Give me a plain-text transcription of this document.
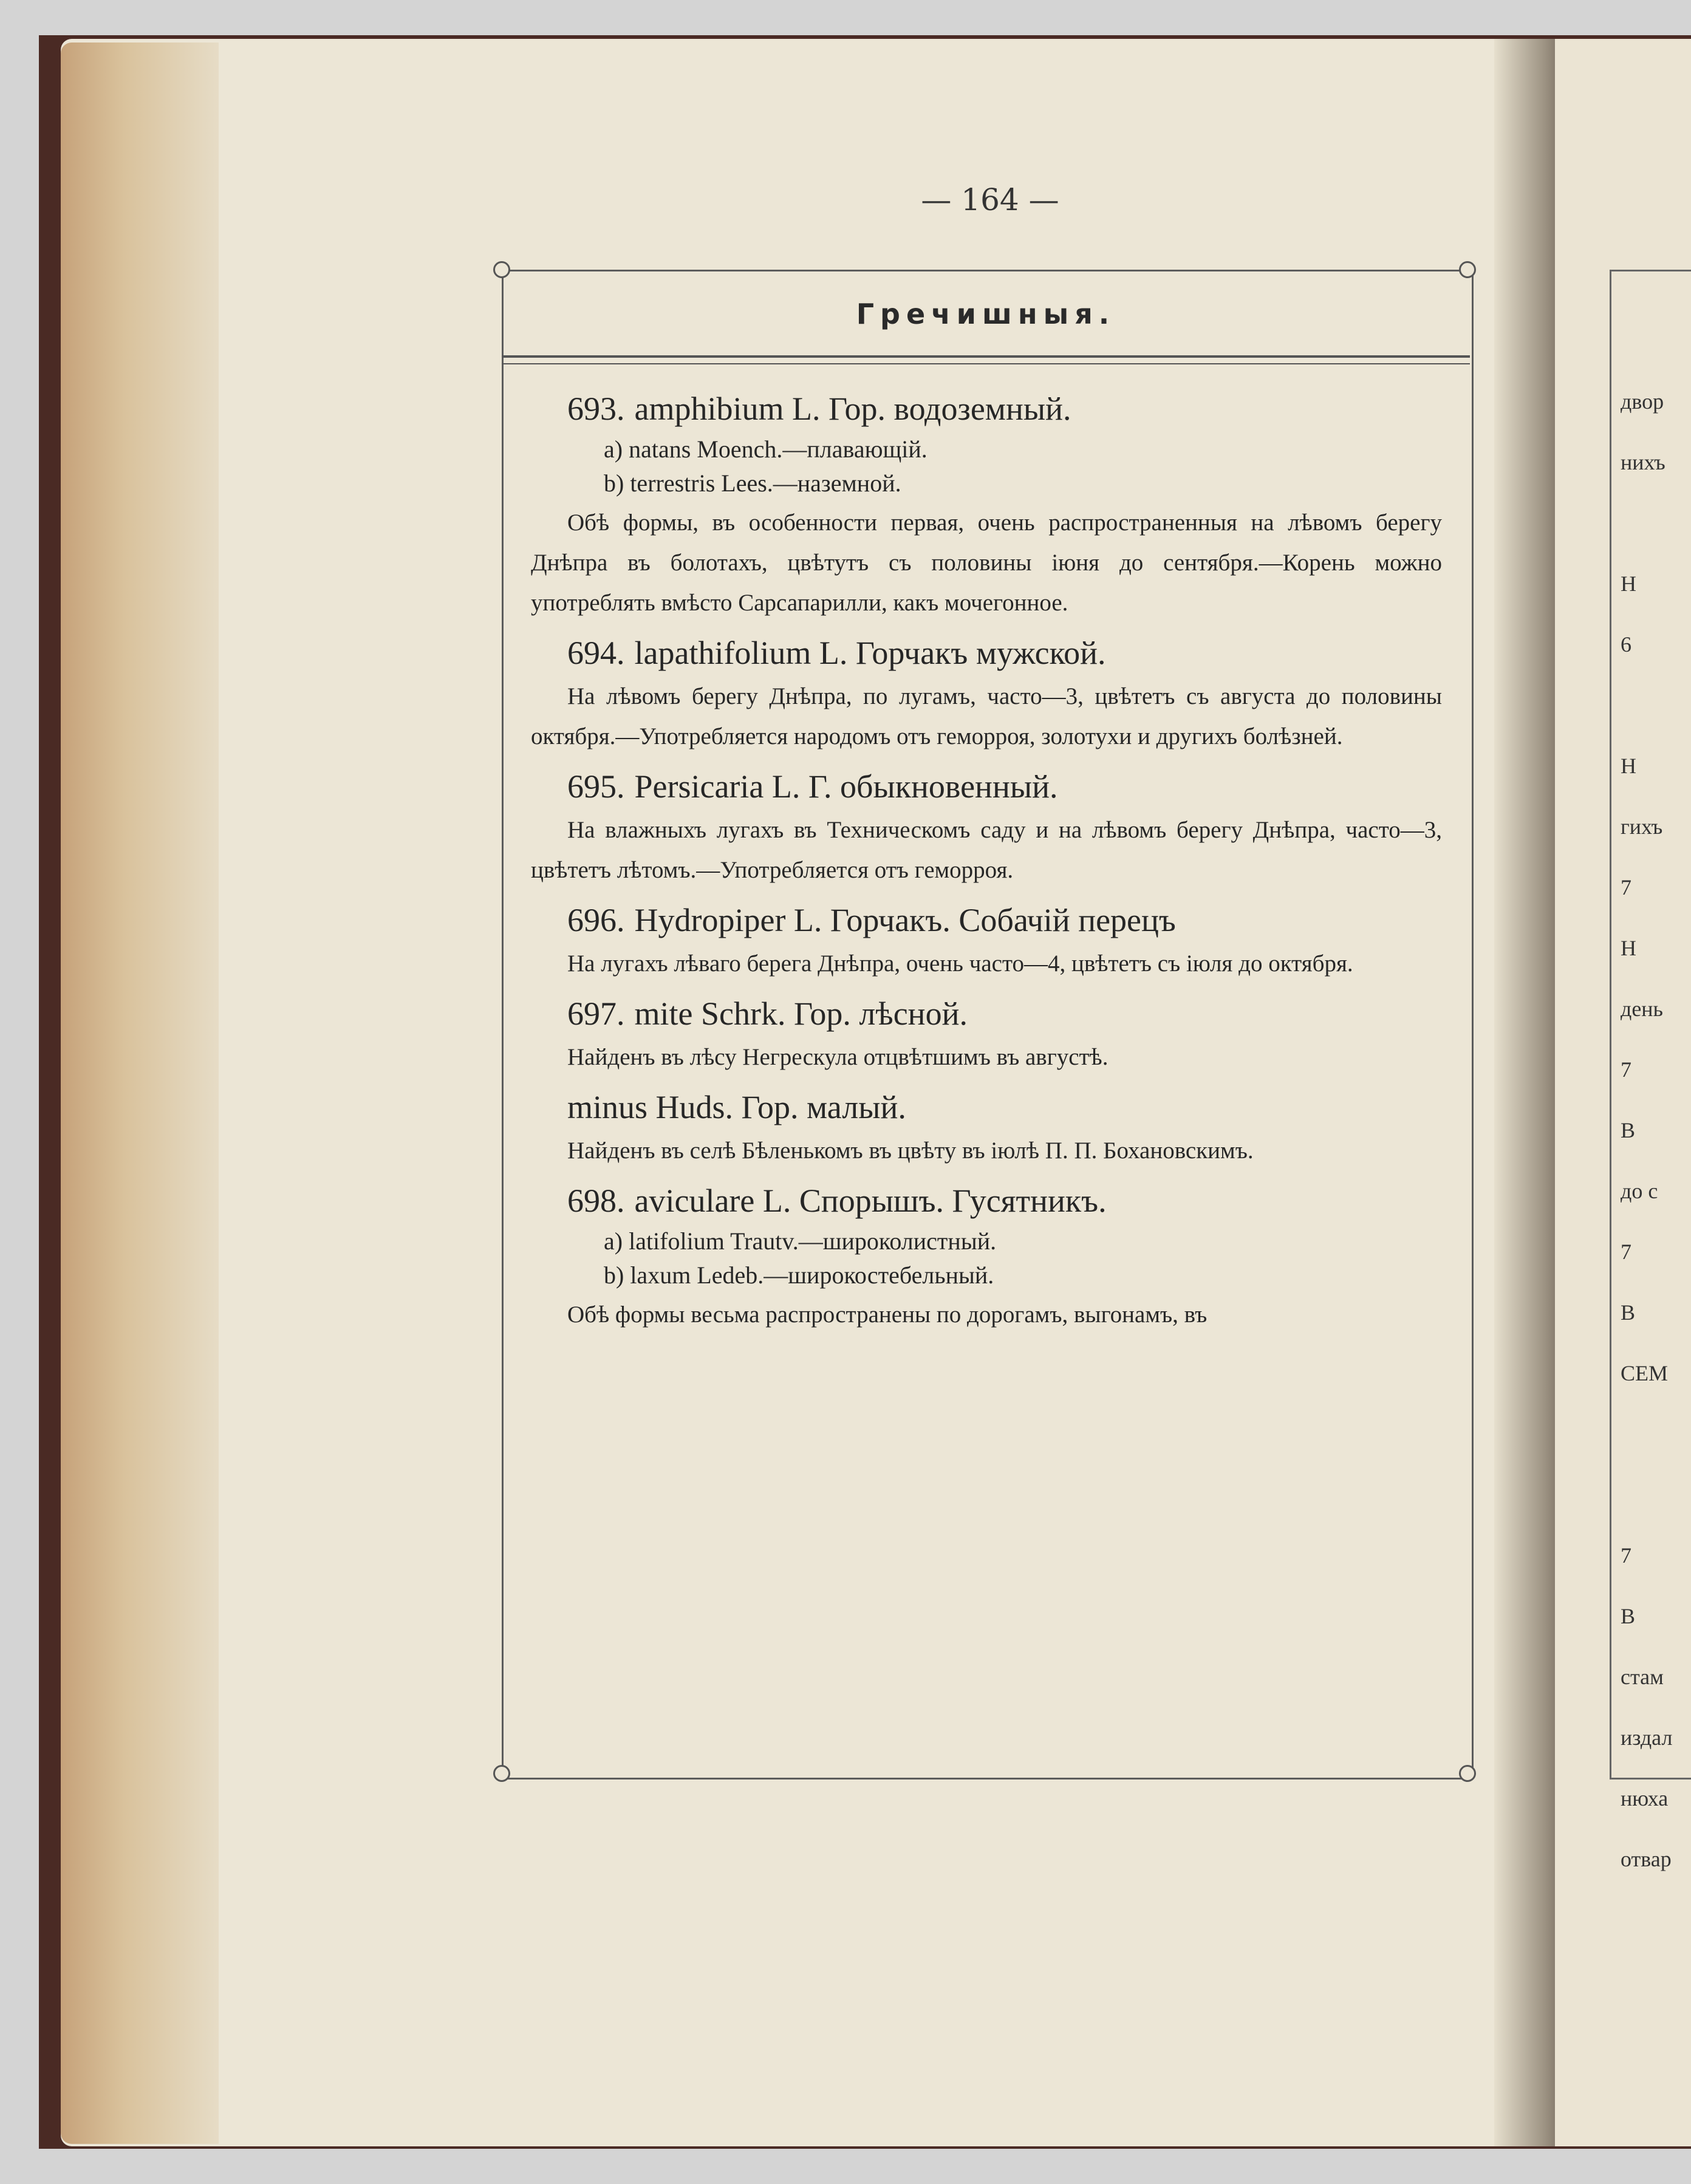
— 164 —
Гречишныя.
693. amphibium L. Гор. водоземный.
a) natans Moench.—плавающій.
b) terrestris Lees.—наземной.
Обѣ формы, въ особенности первая, очень распространенныя на лѣвомъ берегу Днѣпра въ болотахъ, цвѣтутъ съ половины іюня до сентября.—Корень можно употреблять вмѣсто Сарсапарилли, какъ мочегонное.
694. lapathifolium L. Горчакъ мужской.
На лѣвомъ берегу Днѣпра, по лугамъ, часто—3, цвѣтетъ съ августа до половины октября.—Употребляется народомъ отъ геморроя, золотухи и другихъ болѣзней.
695. Persicaria L. Г. обыкновенный.
На влажныхъ лугахъ въ Техническомъ саду и на лѣвомъ берегу Днѣпра, часто—3, цвѣтетъ лѣтомъ.—Употребляется отъ геморроя.
696. Hydropiper L. Горчакъ. Собачій перецъ
На лугахъ лѣваго берега Днѣпра, очень часто—4, цвѣтетъ съ іюля до октября.
697. mite Schrk. Гор. лѣсной.
Найденъ въ лѣсу Негрескула отцвѣтшимъ въ августѣ.
minus Huds. Гор. малый.
Найденъ въ селѣ Бѣленькомъ въ цвѣту въ іюлѣ П. П. Бохановскимъ.
698. aviculare L. Спорышъ. Гусятникъ.
a) latifolium Trautv.—широколистный.
b) laxum Ledeb.—широкостебельный.
Обѣ формы весьма распространены по дорогамъ, выгонамъ, въ
двор
нихъ
Н
6
Н
гихъ
7
Н
день
7
В
до с
7
В
СЕМ
7
В
стам
издал
нюха
отвар
